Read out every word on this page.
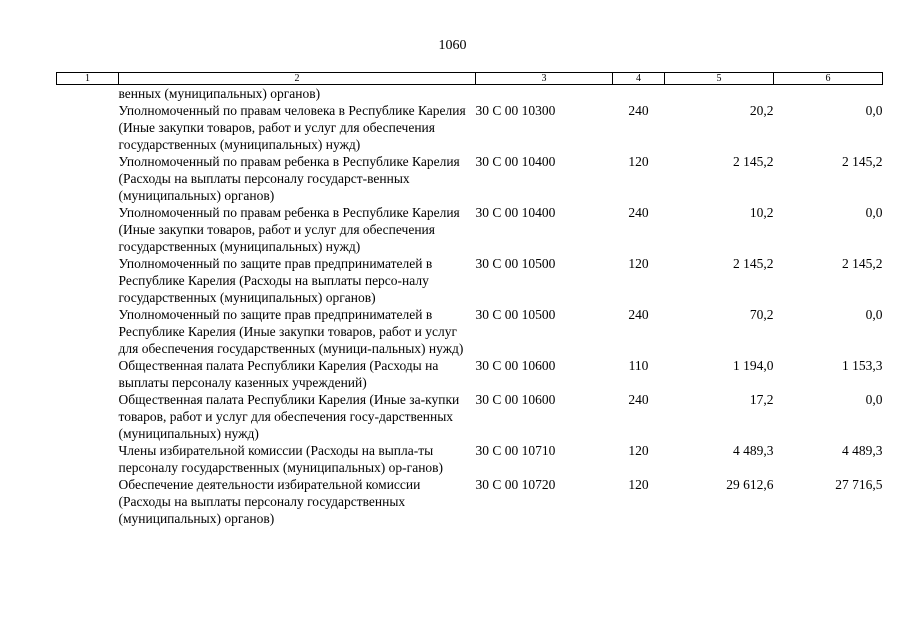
1060
1	2	3	4	5	6
	венных (муниципальных) органов)				
	Уполномоченный по правам человека в Республике Карелия (Иные закупки товаров, работ и услуг для обеспечения государственных (муниципальных) нужд)	30 С 00 10300	240	20,2	0,0
	Уполномоченный по правам ребенка в Республике Карелия (Расходы на выплаты персоналу государст-венных (муниципальных) органов)	30 С 00 10400	120	2 145,2	2 145,2
	Уполномоченный по правам ребенка в Республике Карелия (Иные закупки товаров, работ и услуг для обеспечения государственных (муниципальных) нужд)	30 С 00 10400	240	10,2	0,0
	Уполномоченный по защите прав предпринимателей в Республике Карелия (Расходы на выплаты персо-налу государственных (муниципальных) органов)	30 С 00 10500	120	2 145,2	2 145,2
	Уполномоченный по защите прав предпринимателей в Республике Карелия (Иные закупки товаров, работ и услуг для обеспечения государственных (муници-пальных) нужд)	30 С 00 10500	240	70,2	0,0
	Общественная палата Республики Карелия (Расходы на выплаты персоналу казенных учреждений)	30 С 00 10600	110	1 194,0	1 153,3
	Общественная палата Республики Карелия (Иные за-купки товаров, работ и услуг для обеспечения госу-дарственных (муниципальных) нужд)	30 С 00 10600	240	17,2	0,0
	Члены избирательной комиссии (Расходы на выпла-ты персоналу государственных (муниципальных) ор-ганов)	30 С 00 10710	120	4 489,3	4 489,3
	Обеспечение деятельности избирательной комиссии (Расходы на выплаты персоналу государственных (муниципальных) органов)	30 С 00 10720	120	29 612,6	27 716,5
